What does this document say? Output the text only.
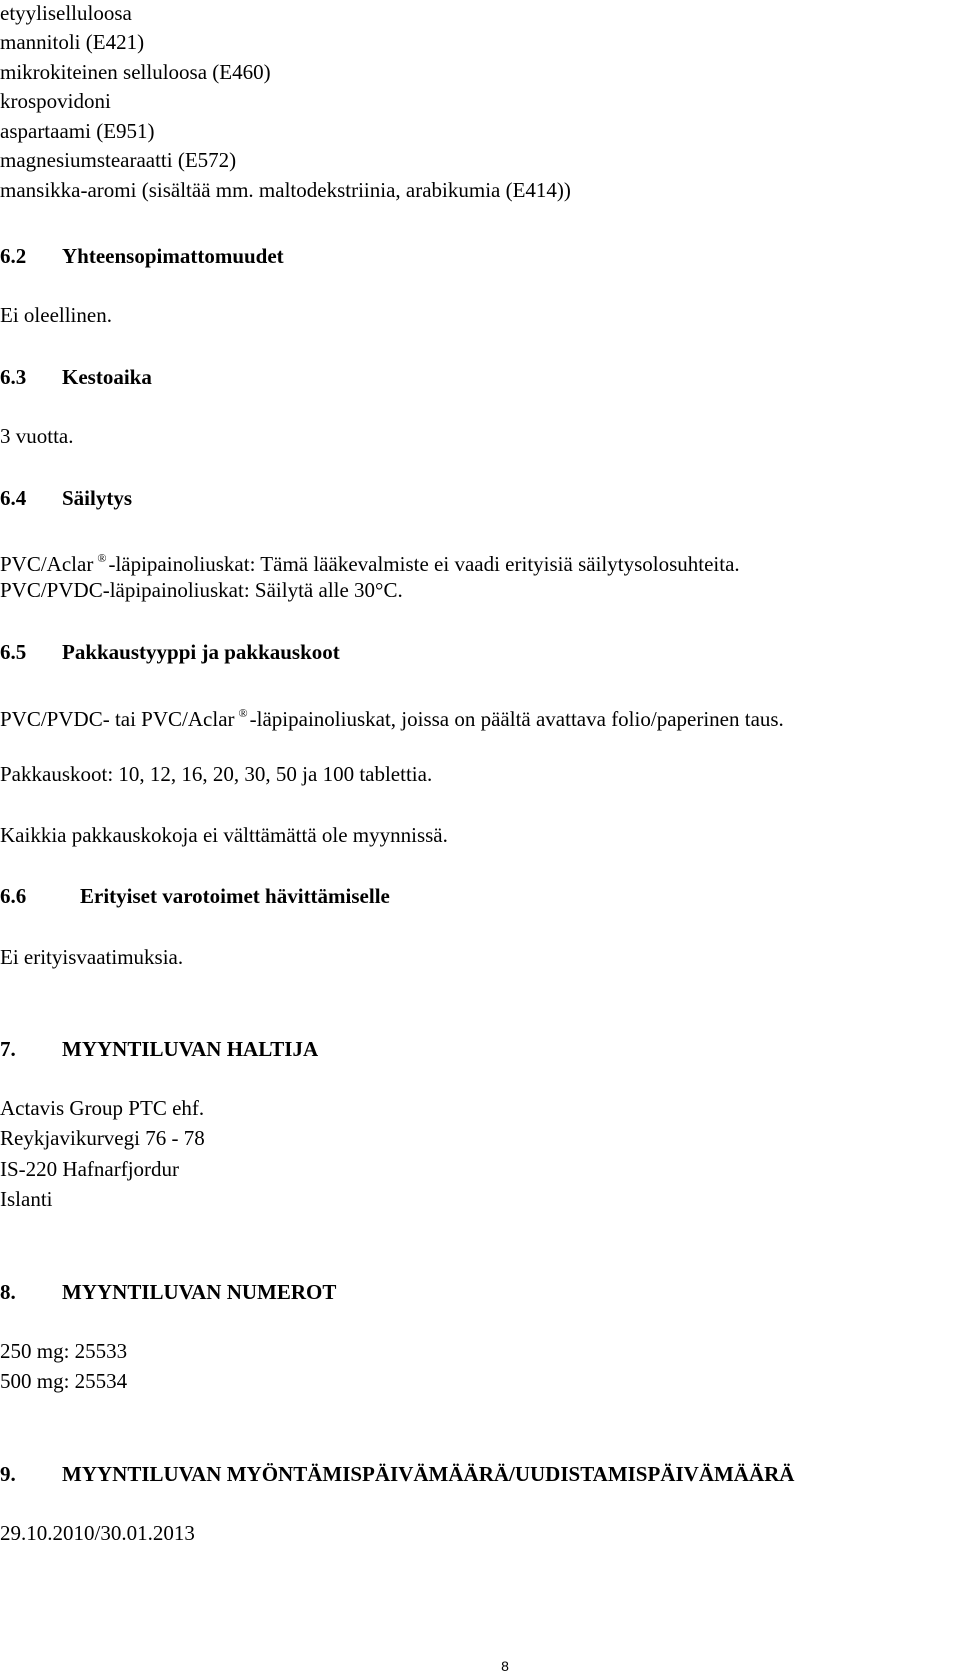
etyyliselluloosa
mannitoli (E421)
mikrokiteinen selluloosa (E460)
krospovidoni
aspartaami (E951)
magnesiumstearaatti (E572)
mansikka-aromi (sisältää mm. maltodekstriinia, arabikumia (E414))
6.2 Yhteensopimattomuudet
Ei oleellinen.
6.3 Kestoaika
3 vuotta.
6.4 Säilytys
PVC/Aclar ®-läpipainoliuskat: Tämä lääkevalmiste ei vaadi erityisiä säilytysolosuhteita.
PVC/PVDC-läpipainoliuskat: Säilytä alle 30°C.
6.5 Pakkaustyyppi ja pakkauskoot
PVC/PVDC- tai PVC/Aclar ®-läpipainoliuskat, joissa on päältä avattava folio/paperinen taus.
Pakkauskoot: 10, 12, 16, 20, 30, 50 ja 100 tablettia.
Kaikkia pakkauskokoja ei välttämättä ole myynnissä.
6.6	Erityiset varotoimet hävittämiselle
Ei erityisvaatimuksia.
7. MYYNTILUVAN HALTIJA
Actavis Group PTC ehf.
Reykjavikurvegi 76 - 78
IS-220 Hafnarfjordur
Islanti
8. MYYNTILUVAN NUMEROT
250 mg: 25533
500 mg: 25534
9. MYYNTILUVAN MYÖNTÄMISPÄIVÄMÄÄRÄ/UUDISTAMISPÄIVÄMÄÄRÄ
29.10.2010/30.01.2013
8
